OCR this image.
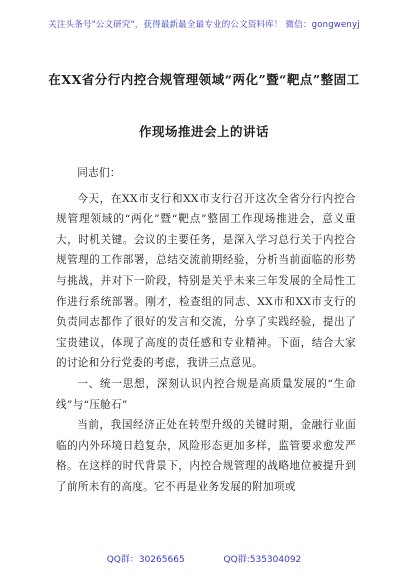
关注头条号"公文研究"，获得最新最全最专业的公文资料库！ 微信：gongwenyj
在XX省分行内控合规管理领域“两化”暨“靶点”整固工
作现场推进会上的讲话

同志们：

今天，在XX市支行和XX市支行召开这次全省分行内控合规管理领域的“两化”暨“靶点”整固工作现场推进会，意义重大，时机关键。会议的主要任务，是深入学习总行关于内控合规管理的工作部署，总结交流前期经验，分析当前面临的形势与挑战，并对下一阶段，特别是关乎未来三年发展的全局性工作进行系统部署。刚才，检查组的同志、XX市和XX市支行的负责同志都作了很好的发言和交流，分享了实践经验，提出了宝贵建议，体现了高度的责任感和专业精神。下面，结合大家的讨论和分行党委的考虑，我讲三点意见。

一、统一思想，深刻认识内控合规是高质量发展的“生命线”与“压舱石”

当前，我国经济正处在转型升级的关键时期，金融行业面临的内外环境日趋复杂，风险形态更加多样，监管要求愈发严格。在这样的时代背景下，内控合规管理的战略地位被提升到了前所未有的高度。它不再是业务发展的附加项或

QQ群：30265665	QQ群:535304092
